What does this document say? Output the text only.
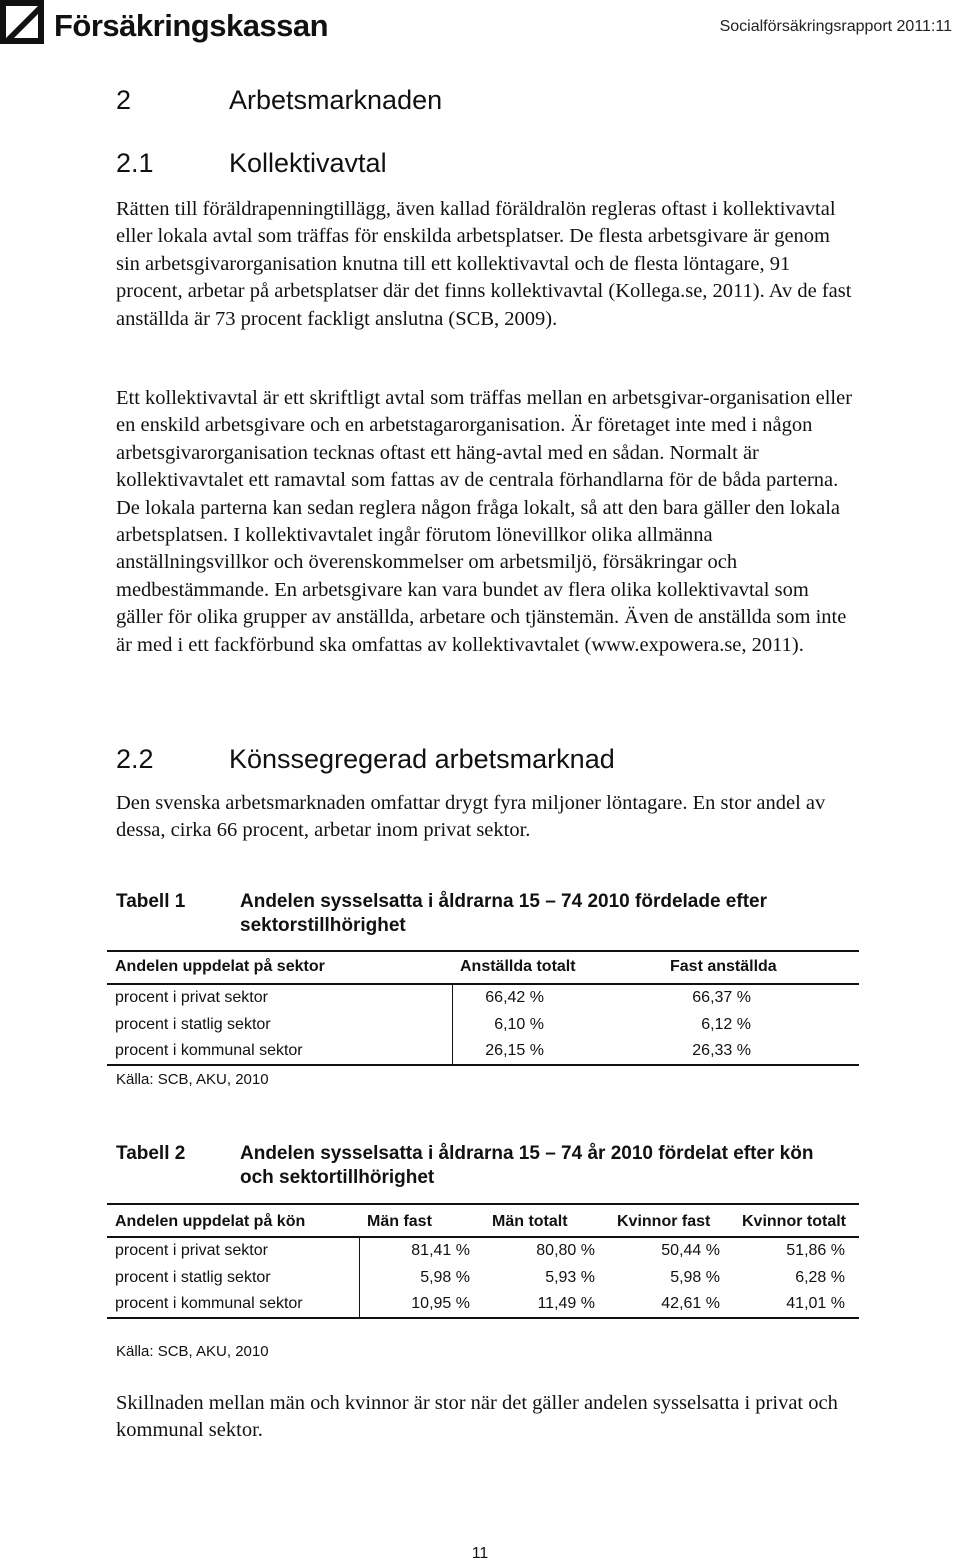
Försäkringskassan	Socialförsäkringsrapport 2011:11
2	Arbetsmarknaden
2.1	Kollektivavtal

Rätten till föräldrapenningtillägg, även kallad föräldralön regleras oftast i kollektivavtal eller lokala avtal som träffas för enskilda arbetsplatser. De flesta arbetsgivare är genom sin arbetsgivarorganisation knutna till ett kollektivavtal och de flesta löntagare, 91 procent, arbetar på arbetsplatser där det finns kollektivavtal (Kollega.se, 2011). Av de fast anställda är 73 procent fackligt anslutna (SCB, 2009).

Ett kollektivavtal är ett skriftligt avtal som träffas mellan en arbetsgivar-organisation eller en enskild arbetsgivare och en arbetstagarorganisation. Är företaget inte med i någon arbetsgivarorganisation tecknas oftast ett häng-avtal med en sådan. Normalt är kollektivavtalet ett ramavtal som fattas av de centrala förhandlarna för de båda parterna. De lokala parterna kan sedan reglera någon fråga lokalt, så att den bara gäller den lokala arbetsplatsen. I kollektivavtalet ingår förutom lönevillkor olika allmänna anställningsvillkor och överenskommelser om arbetsmiljö, försäkringar och medbestämmande. En arbetsgivare kan vara bundet av flera olika kollektivavtal som gäller för olika grupper av anställda, arbetare och tjänstemän. Även de anställda som inte är med i ett fackförbund ska omfattas av kollektivavtalet (www.expowera.se, 2011).

2.2	Könssegregerad arbetsmarknad

Den svenska arbetsmarknaden omfattar drygt fyra miljoner löntagare. En stor andel av dessa, cirka 66 procent, arbetar inom privat sektor.

Tabell 1	Andelen sysselsatta i åldrarna 15 – 74 2010 fördelade efter sektorstillhörighet
Andelen uppdelat på sektor	Anställda totalt	Fast anställda
procent i privat sektor	66,42 %	66,37 %
procent i statlig sektor	6,10 %	6,12 %
procent i kommunal sektor	26,15 %	26,33 %
Källa: SCB, AKU, 2010
Tabell 2	Andelen sysselsatta i åldrarna 15 – 74 år 2010 fördelat efter kön och sektortillhörighet
Andelen uppdelat på kön	Män fast	Män totalt	Kvinnor fast	Kvinnor totalt
procent i privat sektor	81,41 %	80,80 %	50,44 %	51,86 %
procent i statlig sektor	5,98 %	5,93 %	5,98 %	6,28 %
procent i kommunal sektor	10,95 %	11,49 %	42,61 %	41,01 %
Källa: SCB, AKU, 2010

Skillnaden mellan män och kvinnor är stor när det gäller andelen sysselsatta i privat och kommunal sektor.

11
